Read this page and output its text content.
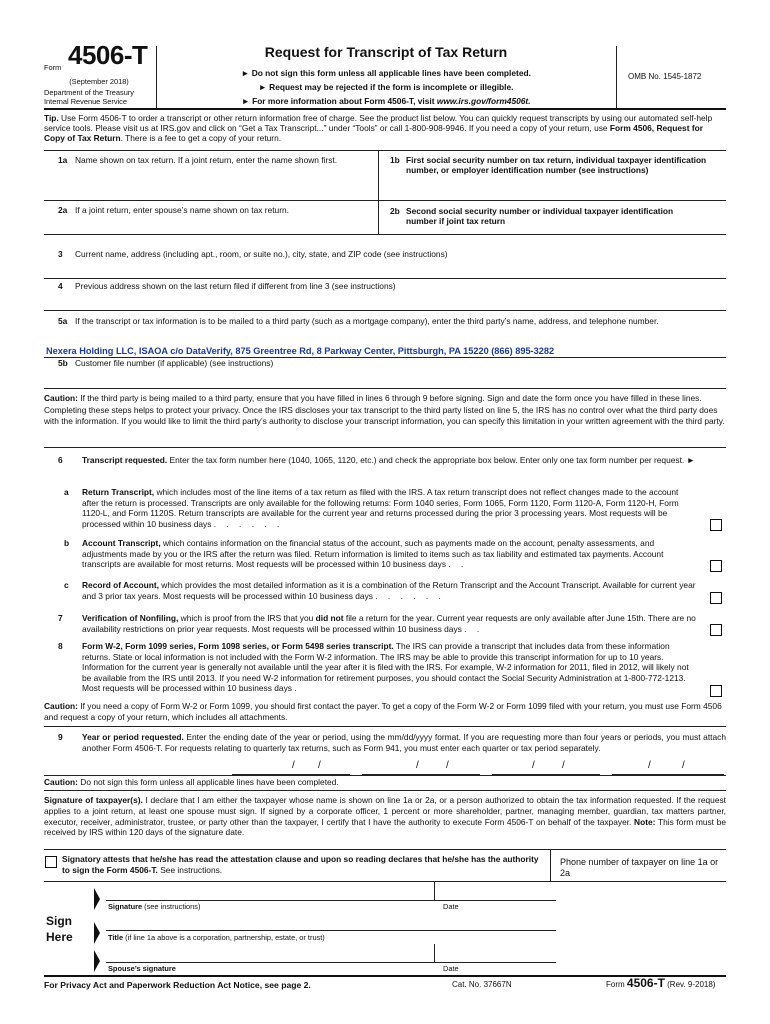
Form 4506-T
(September 2018)
Department of the Treasury
Internal Revenue Service
Request for Transcript of Tax Return
► Do not sign this form unless all applicable lines have been completed.
► Request may be rejected if the form is incomplete or illegible.
► For more information about Form 4506-T, visit www.irs.gov/form4506t.
OMB No. 1545-1872
Tip. Use Form 4506-T to order a transcript or other return information free of charge. See the product list below. You can quickly request transcripts by using our automated self-help service tools. Please visit us at IRS.gov and click on “Get a Tax Transcript...” under “Tools” or call 1-800-908-9946. If you need a copy of your return, use Form 4506, Request for Copy of Tax Return. There is a fee to get a copy of your return.
1a Name shown on tax return. If a joint return, enter the name shown first.	1b First social security number on tax return, individual taxpayer identification number, or employer identification number (see instructions)
2a If a joint return, enter spouse’s name shown on tax return.	2b Second social security number or individual taxpayer identification number if joint tax return
3 Current name, address (including apt., room, or suite no.), city, state, and ZIP code (see instructions)
4 Previous address shown on the last return filed if different from line 3 (see instructions)
5a If the transcript or tax information is to be mailed to a third party (such as a mortgage company), enter the third party’s name, address, and telephone number.
Nexera Holding LLC, ISAOA c/o DataVerify, 875 Greentree Rd, 8 Parkway Center, Pittsburgh, PA 15220 (866) 895-3282
5b Customer file number (if applicable) (see instructions)
Caution: If the third party is being mailed to a third party, ensure that you have filled in lines 6 through 9 before signing. Sign and date the form once you have filled in these lines. Completing these steps helps to protect your privacy. Once the IRS discloses your tax transcript to the third party listed on line 5, the IRS has no control over what the third party does with the information. If you would like to limit the third party’s authority to disclose your transcript information, you can specify this limitation in your written agreement with the third party.
6 Transcript requested. Enter the tax form number here (1040, 1065, 1120, etc.) and check the appropriate box below. Enter only one tax form number per request. ►
a Return Transcript, which includes most of the line items of a tax return as filed with the IRS. A tax return transcript does not reflect changes made to the account after the return is processed. Transcripts are only available for the following returns: Form 1040 series, Form 1065, Form 1120, Form 1120-A, Form 1120-H, Form 1120-L, and Form 1120S. Return transcripts are available for the current year and returns processed during the prior 3 processing years. Most requests will be processed within 10 business days . . . . . .
b Account Transcript, which contains information on the financial status of the account, such as payments made on the account, penalty assessments, and adjustments made by you or the IRS after the return was filed. Return information is limited to items such as tax liability and estimated tax payments. Account transcripts are available for most returns. Most requests will be processed within 10 business days . .
c Record of Account, which provides the most detailed information as it is a combination of the Return Transcript and the Account Transcript. Available for current year and 3 prior tax years. Most requests will be processed within 10 business days . . . . . .
7 Verification of Nonfiling, which is proof from the IRS that you did not file a return for the year. Current year requests are only available after June 15th. There are no availability restrictions on prior year requests. Most requests will be processed within 10 business days . .
8 Form W-2, Form 1099 series, Form 1098 series, or Form 5498 series transcript. The IRS can provide a transcript that includes data from these information returns. State or local information is not included with the Form W-2 information. The IRS may be able to provide this transcript information for up to 10 years. Information for the current year is generally not available until the year after it is filed with the IRS. For example, W-2 information for 2011, filed in 2012, will likely not be available from the IRS until 2013. If you need W-2 information for retirement purposes, you should contact the Social Security Administration at 1-800-772-1213. Most requests will be processed within 10 business days .
Caution: If you need a copy of Form W-2 or Form 1099, you should first contact the payer. To get a copy of the Form W-2 or Form 1099 filed with your return, you must use Form 4506 and request a copy of your return, which includes all attachments.
9 Year or period requested. Enter the ending date of the year or period, using the mm/dd/yyyy format. If you are requesting more than four years or periods, you must attach another Form 4506-T. For requests relating to quarterly tax returns, such as Form 941, you must enter each quarter or tax period separately.
/ /	/	/	/	/	/	/
Caution: Do not sign this form unless all applicable lines have been completed.
Signature of taxpayer(s). I declare that I am either the taxpayer whose name is shown on line 1a or 2a, or a person authorized to obtain the tax information requested. If the request applies to a joint return, at least one spouse must sign. If signed by a corporate officer, 1 percent or more shareholder, partner, managing member, guardian, tax matters partner, executor, receiver, administrator, trustee, or party other than the taxpayer, I certify that I have the authority to execute Form 4506-T on behalf of the taxpayer. Note: This form must be received by IRS within 120 days of the signature date.
Signatory attests that he/she has read the attestation clause and upon so reading declares that he/she has the authority to sign the Form 4506-T. See instructions.
Phone number of taxpayer on line 1a or 2a
Sign
Here
Signature (see instructions)	Date
Title (if line 1a above is a corporation, partnership, estate, or trust)
Spouse’s signature	Date
For Privacy Act and Paperwork Reduction Act Notice, see page 2.	Cat. No. 37667N	Form 4506-T (Rev. 9-2018)
